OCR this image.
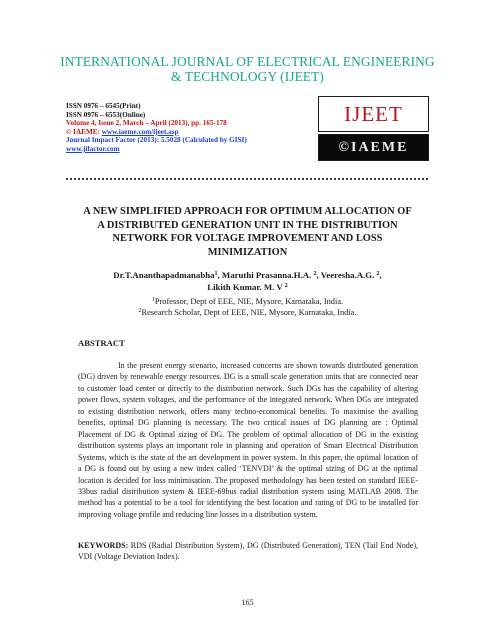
INTERNATIONAL JOURNAL OF ELECTRICAL ENGINEERING
& TECHNOLOGY (IJEET)
ISSN 0976 – 6545(Print)
ISSN 0976 – 6553(Online)
Volume 4, Issue 2, March – April (2013), pp. 165-178
© IAEME: www.iaeme.com/ijeet.asp
Journal Impact Factor (2013): 5.5028 (Calculated by GISI)
www.jifactor.com
IJEET
©IAEME
A NEW SIMPLIFIED APPROACH FOR OPTIMUM ALLOCATION OF
A DISTRIBUTED GENERATION UNIT IN THE DISTRIBUTION
NETWORK FOR VOLTAGE IMPROVEMENT AND LOSS
MINIMIZATION
Dr.T.Ananthapadmanabha$^1$, Maruthi Prasanna.H.A. $^2$, Veeresha.A.G. $^2$,
Likith Kumar. M. V $^2$
$^1$Professor, Dept of EEE, NIE, Mysore, Karnataka, India.
$^2$Research Scholar, Dept of EEE, NIE, Mysore, Karnataka, India.
ABSTRACT
In the present energy scenario, increased concerns are shown towards distributed generation (DG) driven by renewable energy resources. DG is a small scale generation units that are connected near to customer load center or directly to the distribution network. Such DGs has the capability of altering power flows, system voltages, and the performance of the integrated network. When DGs are integrated to existing distribution network, offers many techno-economical benefits. To maximise the availing benefits, optimal DG planning is necessary. The two critical issues of DG planning are : Optimal Placement of DG & Optimal sizing of DG. The problem of optimal allocation of DG in the existing distribution systems plays an important role in planning and operation of Smart Electrical Distribution Systems, which is the state of the art development in power system. In this paper, the optimal location of a DG is found out by using a new index called ‘TENVDI’ & the optimal sizing of DG at the optimal location is decided for loss minimisation. The proposed methodology has been tested on standard IEEE-33bus radial distribution system & IEEE-69bus radial distribution system using MATLAB 2008. The method has a potential to be a tool for identifying the best location and rating of DG to be installed for improving voltage profile and reducing line losses in a distribution system.
KEYWORDS: RDS (Radial Distribution System), DG (Distributed Generation), TEN (Tail End Node), VDI (Voltage Deviation Index).
165
